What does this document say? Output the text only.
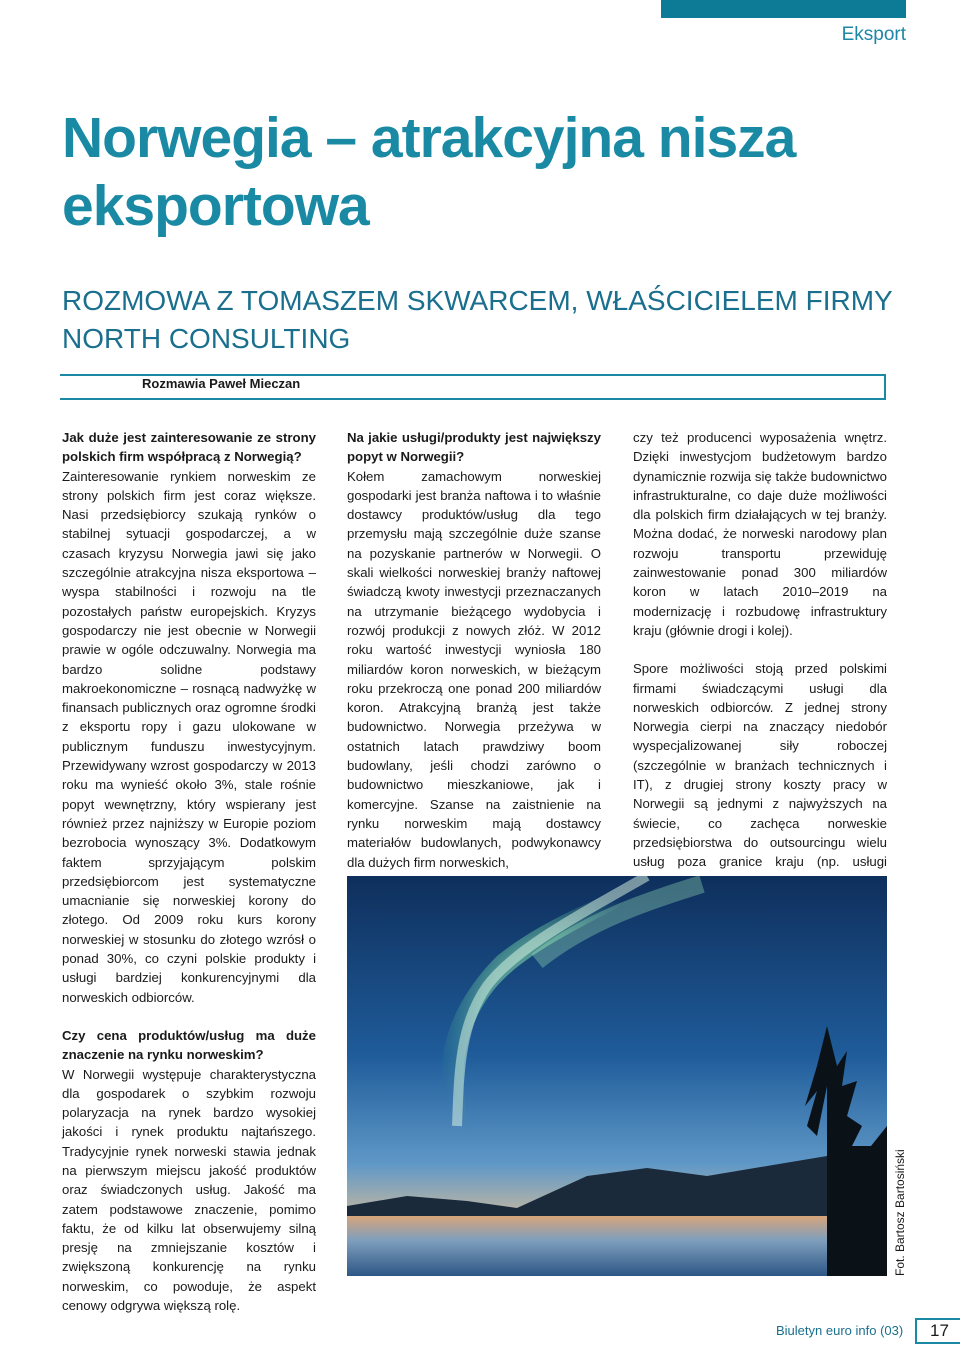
Eksport
Norwegia – atrakcyjna nisza eksportowa
ROZMOWA Z TOMASZEM SKWARCEM, WŁAŚCICIELEM FIRMY NORTH CONSULTING
Rozmawia Paweł Mieczan

Jak duże jest zainteresowanie ze strony polskich firm współpracą z Norwegią?

Zainteresowanie rynkiem norweskim ze strony polskich firm jest coraz większe. Nasi przedsiębiorcy szukają rynków o stabilnej sytuacji gospodarczej, a w czasach kryzysu Norwegia jawi się jako szczególnie atrakcyjna nisza eksportowa – wyspa stabilności i rozwoju na tle pozostałych państw europejskich. Kryzys gospodarczy nie jest obecnie w Norwegii prawie w ogóle odczuwalny. Norwegia ma bardzo solidne podstawy makroekonomiczne – rosnącą nadwyżkę w finansach publicznych oraz ogromne środki z eksportu ropy i gazu ulokowane w publicznym funduszu inwestycyjnym. Przewidywany wzrost gospodarczy w 2013 roku ma wynieść około 3%, stale rośnie popyt wewnętrzny, który wspierany jest również przez najniższy w Europie poziom bezrobocia wynoszący 3%. Dodatkowym faktem sprzyjającym polskim przedsiębiorcom jest systematyczne umacnianie się norweskiej korony do złotego. Od 2009 roku kurs korony norweskiej w stosunku do złotego wzrósł o ponad 30%, co czyni polskie produkty i usługi bardziej konkurencyjnymi dla norweskich odbiorców.

Czy cena produktów/usług ma duże znaczenie na rynku norweskim?

W Norwegii występuje charakterystyczna dla gospodarek o szybkim rozwoju polaryzacja na rynek bardzo wysokiej jakości i rynek produktu najtańszego. Tradycyjnie rynek norweski stawia jednak na pierwszym miejscu jakość produktów oraz świadczonych usług. Jakość ma zatem podstawowe znaczenie, pomimo faktu, że od kilku lat obserwujemy silną presję na zmniejszanie kosztów i zwiększoną konkurencję na rynku norweskim, co powoduje, że aspekt cenowy odgrywa większą rolę.

Na jakie usługi/produkty jest największy popyt w Norwegii?

Kołem zamachowym norweskiej gospodarki jest branża naftowa i to właśnie dostawcy produktów/usług dla tego przemysłu mają szczególnie duże szanse na pozyskanie partnerów w Norwegii. O skali wielkości norweskiej branży naftowej świadczą kwoty inwestycji przeznaczanych na utrzymanie bieżącego wydobycia i rozwój produkcji z nowych złóż. W 2012 roku wartość inwestycji wyniosła 180 miliardów koron norweskich, w bieżącym roku przekroczą one ponad 200 miliardów koron. Atrakcyjną branżą jest także budownictwo. Norwegia przeżywa w ostatnich latach prawdziwy boom budowlany, jeśli chodzi zarówno o budownictwo mieszkaniowe, jak i komercyjne. Szanse na zaistnienie na rynku norweskim mają dostawcy materiałów budowlanych, podwykonawcy dla dużych firm norweskich,

czy też producenci wyposażenia wnętrz. Dzięki inwestycjom budżetowym bardzo dynamicznie rozwija się także budownictwo infrastrukturalne, co daje duże możliwości dla polskich firm działających w tej branży. Można dodać, że norweski narodowy plan rozwoju transportu przewiduję zainwestowanie ponad 300 miliardów koron w latach 2010–2019 na modernizację i rozbudowę infrastruktury kraju (głównie drogi i kolej).

Spore możliwości stoją przed polskimi firmami świadczącymi usługi dla norweskich odbiorców. Z jednej strony Norwegia cierpi na znaczący niedobór wyspecjalizowanej siły roboczej (szczególnie w branżach technicznych i IT), z drugiej strony koszty pracy w Norwegii są jednymi z najwyższych na świecie, co zachęca norweskie przedsiębiorstwa do outsourcingu wielu usług poza granice kraju (np. usługi

Fot. Bartosz Bartosiński
Biuletyn euro info (03)	17
